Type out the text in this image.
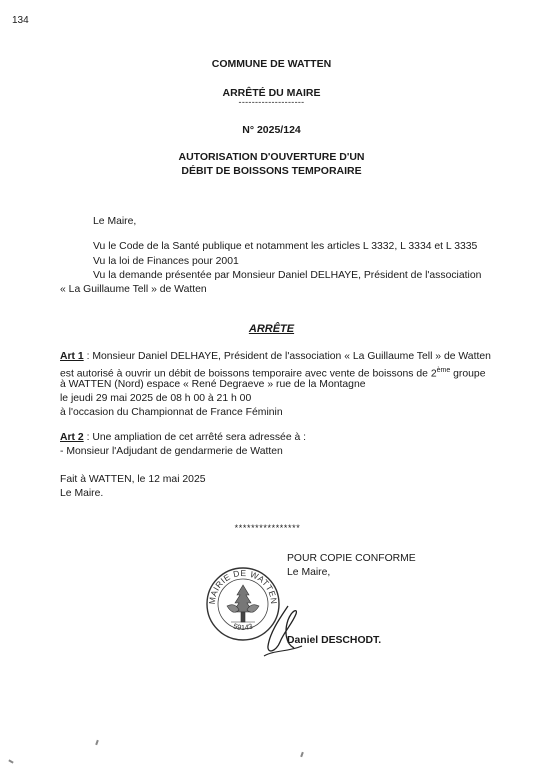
134
COMMUNE DE WATTEN
ARRÊTÉ DU MAIRE
--------------------
N° 2025/124
AUTORISATION D'OUVERTURE D'UN
DÉBIT DE BOISSONS TEMPORAIRE
Le Maire,
Vu le Code de la Santé publique et notamment les articles L 3332, L 3334 et L 3335
Vu la loi de Finances pour 2001
Vu la demande présentée par Monsieur Daniel DELHAYE, Président de l'association
« La Guillaume Tell » de Watten
ARRÊTE
Art 1 : Monsieur Daniel DELHAYE, Président de l'association « La Guillaume Tell » de Watten
est autorisé à ouvrir un débit de boissons temporaire avec vente de boissons de 2ème groupe
à WATTEN (Nord) espace « René Degraeve » rue de la Montagne
le jeudi 29 mai 2025 de 08 h 00 à 21 h 00
à l'occasion du Championnat de France Féminin
Art 2 : Une ampliation de cet arrêté sera adressée à :
- Monsieur l'Adjudant de gendarmerie de Watten
Fait à WATTEN, le 12 mai 2025
Le Maire.
****************
POUR COPIE CONFORME
Le Maire,
Daniel DESCHODT.
MAIRIE DE WATTEN
59143
